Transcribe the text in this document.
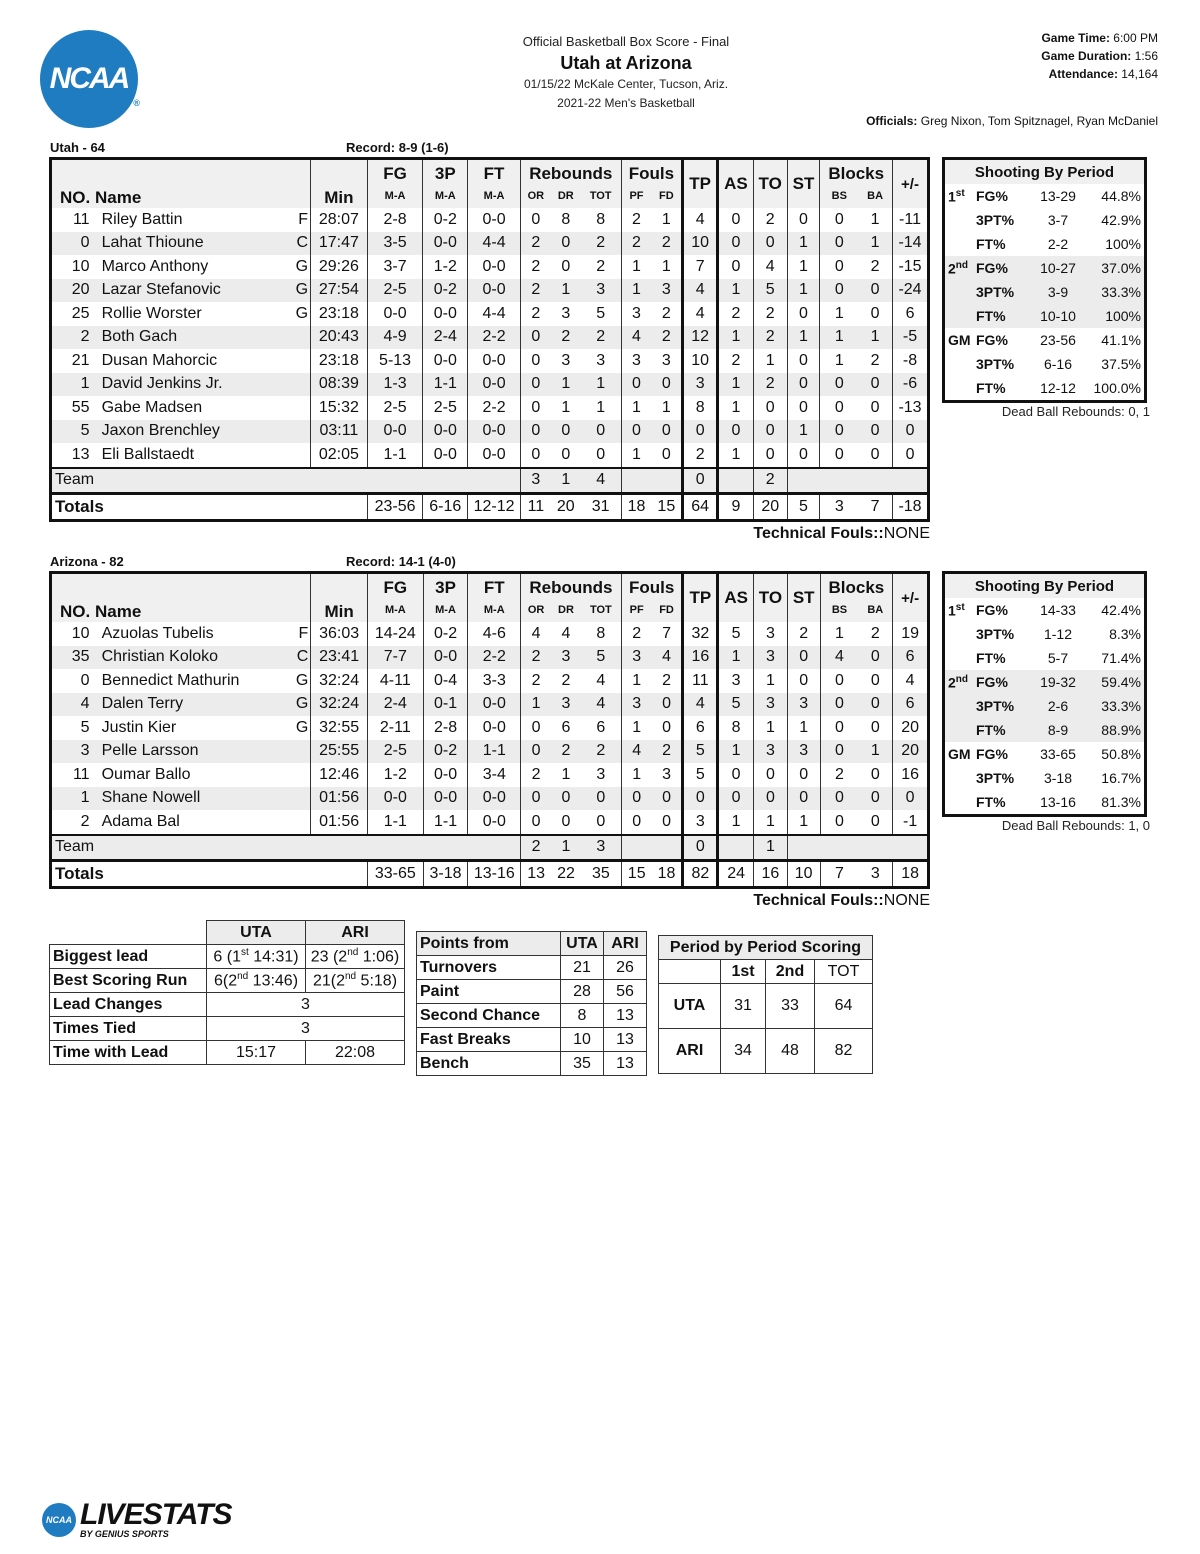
NCAA
®
Official Basketball Box Score - Final
Utah at Arizona
01/15/22 McKale Center, Tucson, Ariz.
2021-22 Men's Basketball
Game Time: 6:00 PM
Game Duration: 1:56
Attendance: 14,164
Officials: Greg Nixon, Tom Spitznagel, Ryan McDaniel
Utah - 64	Record: 8-9 (1-6)
NO. Name			Min	FG	3P	FT	Rebounds			Fouls		TP	AS	TO	ST	Blocks		+/-
				M-A	M-A	M-A	OR	DR	TOT	PF	FD					BS	BA	
11	Riley Battin	F	28:07	2-8	0-2	0-0	0	8	8	2	1	4	0	2	0	0	1	-11
0	Lahat Thioune	C	17:47	3-5	0-0	4-4	2	0	2	2	2	10	0	0	1	0	1	-14
10	Marco Anthony	G	29:26	3-7	1-2	0-0	2	0	2	1	1	7	0	4	1	0	2	-15
20	Lazar Stefanovic	G	27:54	2-5	0-2	0-0	2	1	3	1	3	4	1	5	1	0	0	-24
25	Rollie Worster	G	23:18	0-0	0-0	4-4	2	3	5	3	2	4	2	2	0	1	0	6
2	Both Gach		20:43	4-9	2-4	2-2	0	2	2	4	2	12	1	2	1	1	1	-5
21	Dusan Mahorcic		23:18	5-13	0-0	0-0	0	3	3	3	3	10	2	1	0	1	2	-8
1	David Jenkins Jr.		08:39	1-3	1-1	0-0	0	1	1	0	0	3	1	2	0	0	0	-6
55	Gabe Madsen		15:32	2-5	2-5	2-2	0	1	1	1	1	8	1	0	0	0	0	-13
5	Jaxon Brenchley		03:11	0-0	0-0	0-0	0	0	0	0	0	0	0	0	1	0	0	0
13	Eli Ballstaedt		02:05	1-1	0-0	0-0	0	0	0	1	0	2	1	0	0	0	0	0
Team							3	1	4			0		2				
Totals				23-56	6-16	12-12	11	20	31	18	15	64	9	20	5	3	7	-18
Technical Fouls::NONE
Shooting By Period			
1st	FG%	13-29	44.8%
	3PT%	3-7	42.9%
	FT%	2-2	100%
2nd	FG%	10-27	37.0%
	3PT%	3-9	33.3%
	FT%	10-10	100%
GM	FG%	23-56	41.1%
	3PT%	6-16	37.5%
	FT%	12-12	100.0%
Dead Ball Rebounds: 0, 1
Arizona - 82	Record: 14-1 (4-0)
NO. Name			Min	FG	3P	FT	Rebounds			Fouls		TP	AS	TO	ST	Blocks		+/-
				M-A	M-A	M-A	OR	DR	TOT	PF	FD					BS	BA	
10	Azuolas Tubelis	F	36:03	14-24	0-2	4-6	4	4	8	2	7	32	5	3	2	1	2	19
35	Christian Koloko	C	23:41	7-7	0-0	2-2	2	3	5	3	4	16	1	3	0	4	0	6
0	Bennedict Mathurin	G	32:24	4-11	0-4	3-3	2	2	4	1	2	11	3	1	0	0	0	4
4	Dalen Terry	G	32:24	2-4	0-1	0-0	1	3	4	3	0	4	5	3	3	0	0	6
5	Justin Kier	G	32:55	2-11	2-8	0-0	0	6	6	1	0	6	8	1	1	0	0	20
3	Pelle Larsson		25:55	2-5	0-2	1-1	0	2	2	4	2	5	1	3	3	0	1	20
11	Oumar Ballo		12:46	1-2	0-0	3-4	2	1	3	1	3	5	0	0	0	2	0	16
1	Shane Nowell		01:56	0-0	0-0	0-0	0	0	0	0	0	0	0	0	0	0	0	0
2	Adama Bal		01:56	1-1	1-1	0-0	0	0	0	0	0	3	1	1	1	0	0	-1
Team							2	1	3			0		1				
Totals				33-65	3-18	13-16	13	22	35	15	18	82	24	16	10	7	3	18
Technical Fouls::NONE
Shooting By Period			
1st	FG%	14-33	42.4%
	3PT%	1-12	8.3%
	FT%	5-7	71.4%
2nd	FG%	19-32	59.4%
	3PT%	2-6	33.3%
	FT%	8-9	88.9%
GM	FG%	33-65	50.8%
	3PT%	3-18	16.7%
	FT%	13-16	81.3%
Dead Ball Rebounds: 1, 0
	UTA	ARI
Biggest lead	6 (1st 14:31)	23 (2nd 1:06)
Best Scoring Run	6(2nd 13:46)	21(2nd 5:18)
Lead Changes	3	
Times Tied	3	
Time with Lead	15:17	22:08
Points from	UTA	ARI
Turnovers	21	26
Paint	28	56
Second Chance	8	13
Fast Breaks	10	13
Bench	35	13
Period by Period Scoring			
	1st	2nd	TOT
UTA	31	33	64
ARI	34	48	82
NCAA LIVESTATS
BY GENIUS SPORTS
